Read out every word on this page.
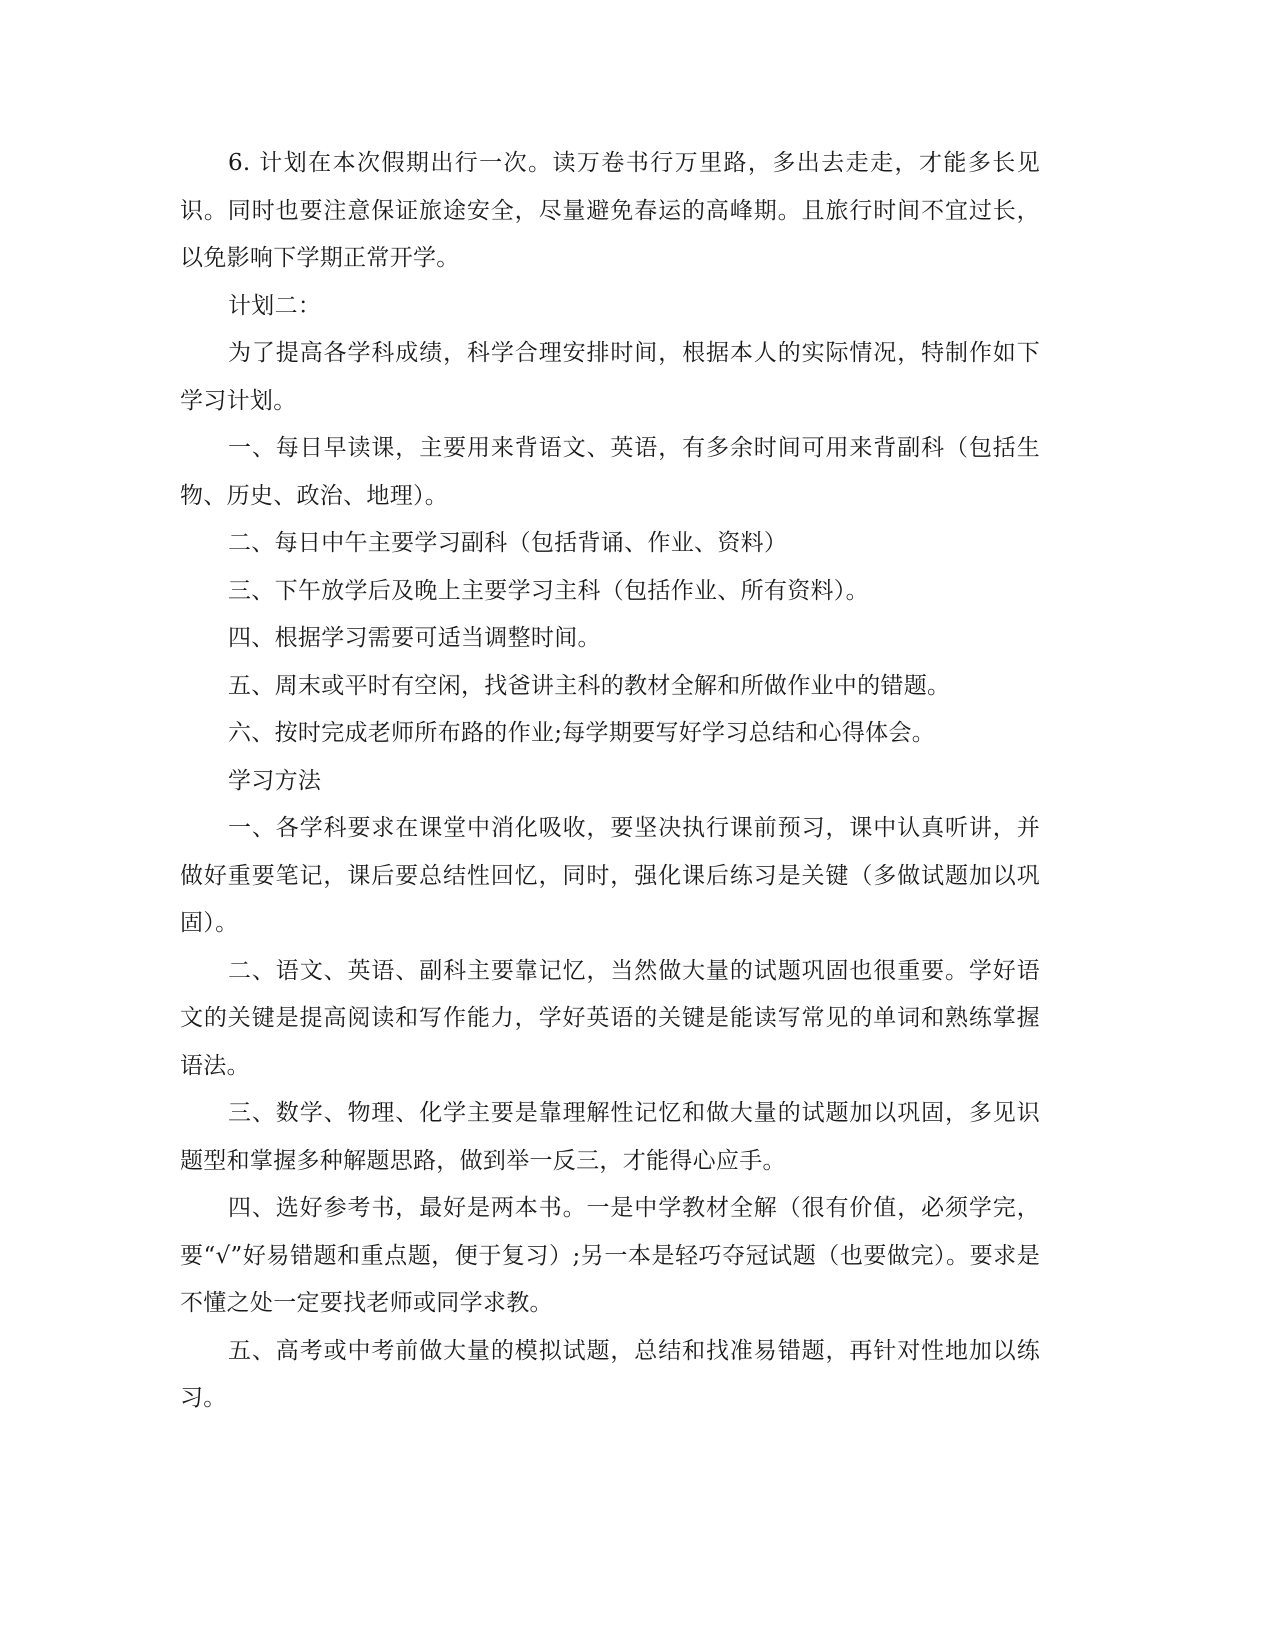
6. 计划在本次假期出行一次。读万卷书行万里路，多出去走走，才能多长见识。同时也要注意保证旅途安全，尽量避免春运的高峰期。且旅行时间不宜过长，以免影响下学期正常开学。

计划二：

为了提高各学科成绩，科学合理安排时间，根据本人的实际情况，特制作如下学习计划。

一、每日早读课，主要用来背语文、英语，有多余时间可用来背副科（包括生物、历史、政治、地理）。

二、每日中午主要学习副科（包括背诵、作业、资料）

三、下午放学后及晚上主要学习主科（包括作业、所有资料）。

四、根据学习需要可适当调整时间。

五、周末或平时有空闲，找爸讲主科的教材全解和所做作业中的错题。

六、按时完成老师所布路的作业;每学期要写好学习总结和心得体会。

学习方法

一、各学科要求在课堂中消化吸收，要坚决执行课前预习，课中认真听讲，并做好重要笔记，课后要总结性回忆，同时，强化课后练习是关键（多做试题加以巩固）。

二、语文、英语、副科主要靠记忆，当然做大量的试题巩固也很重要。学好语文的关键是提高阅读和写作能力，学好英语的关键是能读写常见的单词和熟练掌握语法。

三、数学、物理、化学主要是靠理解性记忆和做大量的试题加以巩固，多见识题型和掌握多种解题思路，做到举一反三，才能得心应手。

四、选好参考书，最好是两本书。一是中学教材全解（很有价值，必须学完，要“√”好易错题和重点题，便于复习）;另一本是轻巧夺冠试题（也要做完）。要求是不懂之处一定要找老师或同学求教。

五、高考或中考前做大量的模拟试题，总结和找准易错题，再针对性地加以练习。
